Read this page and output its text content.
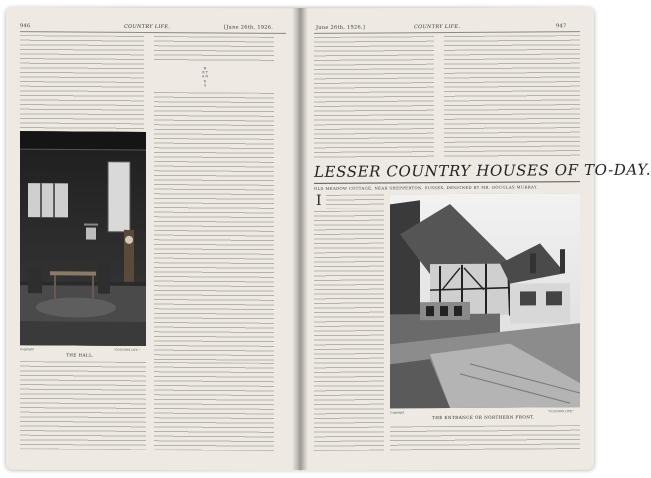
946	COUNTRY LIFE.	[June 26th, 1926.
H
R T
A N
E
S
Copyright	"COUNTRY LIFE."
THE HALL.
June 26th, 1926.]	COUNTRY LIFE.	947
LESSER COUNTRY HOUSES OF TO-DAY.
OLD MEADOW COTTAGE, NEAR SHEPPERTON, SUSSEX, DESIGNED BY MR. DOUGLAS MURRAY.
I
Copyright	"COUNTRY LIFE."
THE ENTRANCE OR NORTHERN FRONT.
